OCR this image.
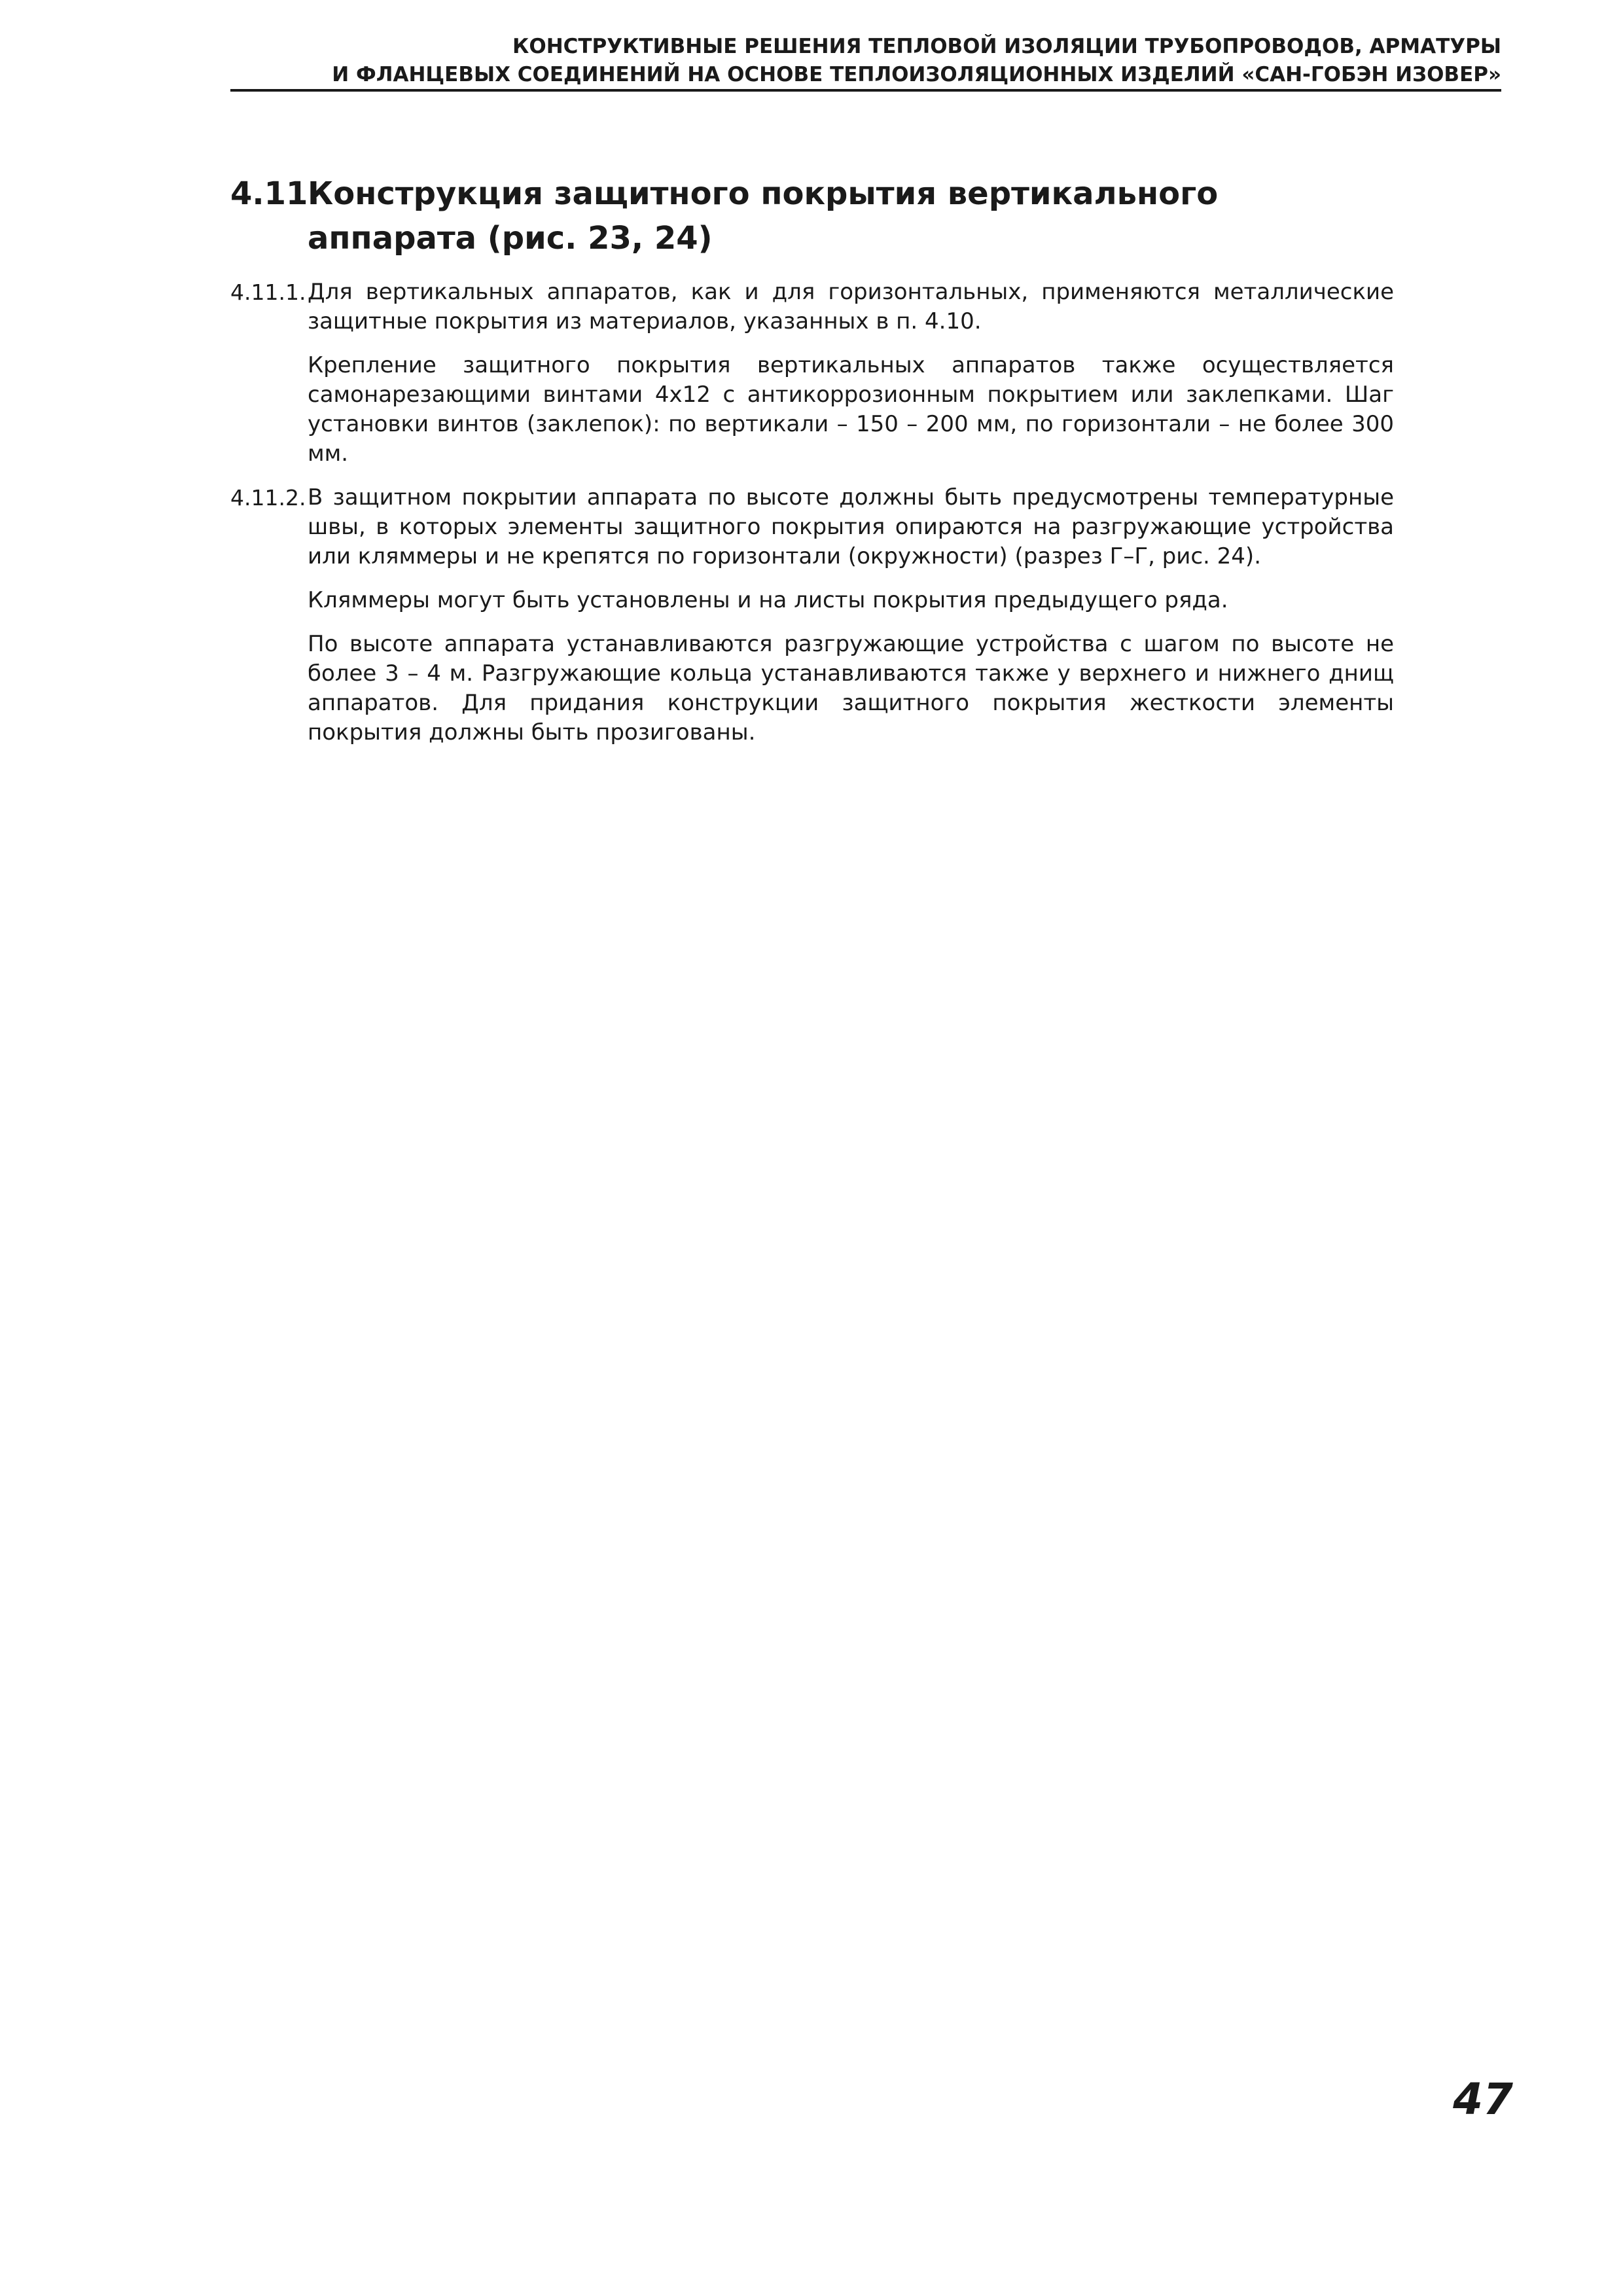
КОНСТРУКТИВНЫЕ РЕШЕНИЯ ТЕПЛОВОЙ ИЗОЛЯЦИИ ТРУБОПРОВОДОВ, АРМАТУРЫ
И ФЛАНЦЕВЫХ СОЕДИНЕНИЙ НА ОСНОВЕ ТЕПЛОИЗОЛЯЦИОННЫХ ИЗДЕЛИЙ «САН-ГОБЭН ИЗОВЕР»
4.11.
Конструкция защитного покрытия вертикального аппарата (рис. 23, 24)
4.11.1. Для вертикальных аппаратов, как и для горизонтальных, применяются металлические защитные покрытия из материалов, указанных в п. 4.10.

Крепление защитного покрытия вертикальных аппаратов также осуществляется самонарезающими винтами 4х12 с антикоррозионным покрытием или заклепками. Шаг установки винтов (заклепок): по вертикали – 150 – 200 мм, по горизонтали – не более 300 мм.

4.11.2. В защитном покрытии аппарата по высоте должны быть предусмотрены температурные швы, в которых элементы защитного покрытия опираются на разгружающие устройства или кляммеры и не крепятся по горизонтали (окружности) (разрез Г–Г, рис. 24).

Кляммеры могут быть установлены и на листы покрытия предыдущего ряда.

По высоте аппарата устанавливаются разгружающие устройства с шагом по высоте не более 3 – 4 м. Разгружающие кольца устанавливаются также у верхнего и нижнего днищ аппаратов. Для придания конструкции защитного покрытия жесткости элементы покрытия должны быть прозигованы.

47
